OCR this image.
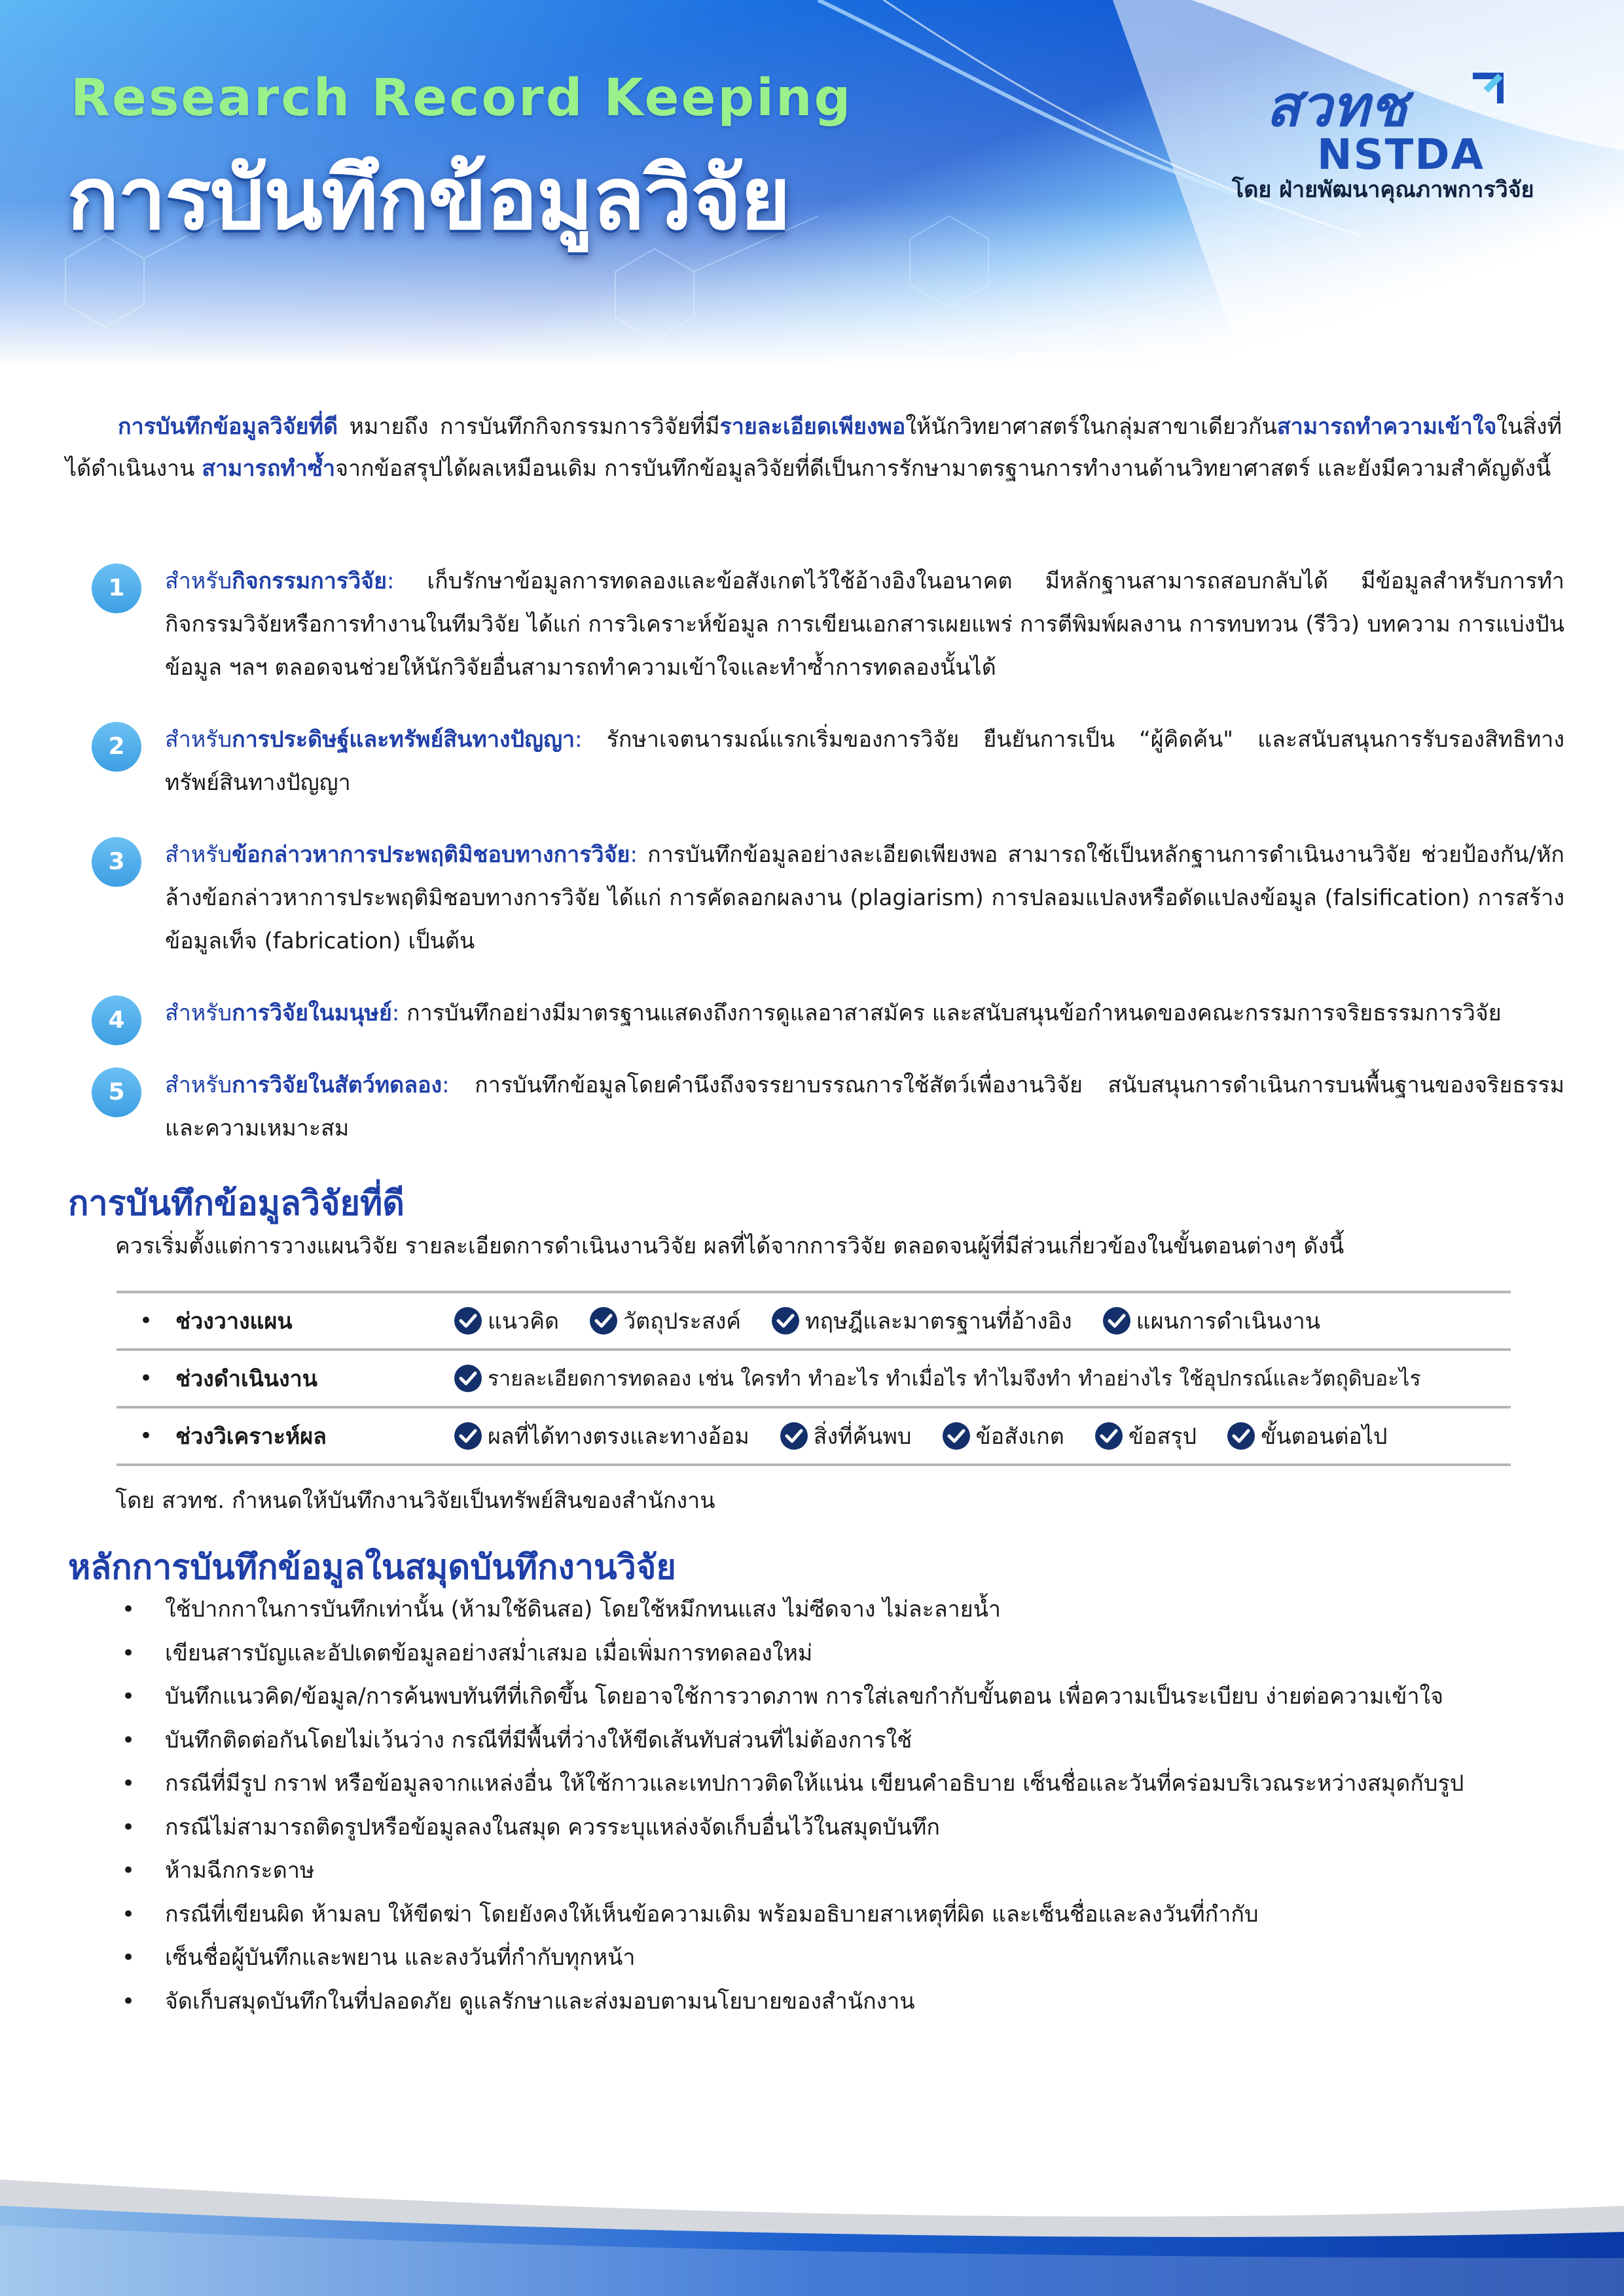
Research Record Keeping
การบันทึกข้อมูลวิจัย
สวทช
NSTDA
โดย ฝ่ายพัฒนาคุณภาพการวิจัย

การบันทึกข้อมูลวิจัยที่ดี หมายถึง การบันทึกกิจกรรมการวิจัยที่มีรายละเอียดเพียงพอให้นักวิทยาศาสตร์ในกลุ่มสาขาเดียวกันสามารถทำความเข้าใจในสิ่งที่ได้ดำเนินงาน สามารถทำซ้ำจากข้อสรุปได้ผลเหมือนเดิม การบันทึกข้อมูลวิจัยที่ดีเป็นการรักษามาตรฐานการทำงานด้านวิทยาศาสตร์ และยังมีความสำคัญดังนี้

1	สำหรับกิจกรรมการวิจัย: เก็บรักษาข้อมูลการทดลองและข้อสังเกตไว้ใช้อ้างอิงในอนาคต มีหลักฐานสามารถสอบกลับได้ มีข้อมูลสำหรับการทำกิจกรรมวิจัยหรือการทำงานในทีมวิจัย ได้แก่ การวิเคราะห์ข้อมูล การเขียนเอกสารเผยแพร่ การตีพิมพ์ผลงาน การทบทวน (รีวิว) บทความ การแบ่งปันข้อมูล ฯลฯ ตลอดจนช่วยให้นักวิจัยอื่นสามารถทำความเข้าใจและทำซ้ำการทดลองนั้นได้
2	สำหรับการประดิษฐ์และทรัพย์สินทางปัญญา: รักษาเจตนารมณ์แรกเริ่มของการวิจัย ยืนยันการเป็น “ผู้คิดค้น" และสนับสนุนการรับรองสิทธิทางทรัพย์สินทางปัญญา
3	สำหรับข้อกล่าวหาการประพฤติมิชอบทางการวิจัย: การบันทึกข้อมูลอย่างละเอียดเพียงพอ สามารถใช้เป็นหลักฐานการดำเนินงานวิจัย ช่วยป้องกัน/หักล้างข้อกล่าวหาการประพฤติมิชอบทางการวิจัย ได้แก่ การคัดลอกผลงาน (plagiarism) การปลอมแปลงหรือดัดแปลงข้อมูล (falsification) การสร้างข้อมูลเท็จ (fabrication) เป็นต้น
4	สำหรับการวิจัยในมนุษย์: การบันทึกอย่างมีมาตรฐานแสดงถึงการดูแลอาสาสมัคร และสนับสนุนข้อกำหนดของคณะกรรมการจริยธรรมการวิจัย
5	สำหรับการวิจัยในสัตว์ทดลอง: การบันทึกข้อมูลโดยคำนึงถึงจรรยาบรรณการใช้สัตว์เพื่องานวิจัย สนับสนุนการดำเนินการบนพื้นฐานของจริยธรรมและความเหมาะสม
การบันทึกข้อมูลวิจัยที่ดี
ควรเริ่มตั้งแต่การวางแผนวิจัย รายละเอียดการดำเนินงานวิจัย ผลที่ได้จากการวิจัย ตลอดจนผู้ที่มีส่วนเกี่ยวข้องในขั้นตอนต่างๆ ดังนี้
•	ช่วงวางแผน	แนวคิด	วัตถุประสงค์	ทฤษฎีและมาตรฐานที่อ้างอิง	แผนการดำเนินงาน
•	ช่วงดำเนินงาน	รายละเอียดการทดลอง เช่น ใครทำ ทำอะไร ทำเมื่อไร ทำไมจึงทำ ทำอย่างไร ใช้อุปกรณ์และวัตถุดิบอะไร
•	ช่วงวิเคราะห์ผล	ผลที่ได้ทางตรงและทางอ้อม	สิ่งที่ค้นพบ	ข้อสังเกต	ข้อสรุป	ขั้นตอนต่อไป
โดย สวทช. กำหนดให้บันทึกงานวิจัยเป็นทรัพย์สินของสำนักงาน
หลักการบันทึกข้อมูลในสมุดบันทึกงานวิจัย
• ใช้ปากกาในการบันทึกเท่านั้น (ห้ามใช้ดินสอ) โดยใช้หมึกทนแสง ไม่ซีดจาง ไม่ละลายน้ำ
• เขียนสารบัญและอัปเดตข้อมูลอย่างสม่ำเสมอ เมื่อเพิ่มการทดลองใหม่
• บันทึกแนวคิด/ข้อมูล/การค้นพบทันทีที่เกิดขึ้น โดยอาจใช้การวาดภาพ การใส่เลขกำกับขั้นตอน เพื่อความเป็นระเบียบ ง่ายต่อความเข้าใจ
• บันทึกติดต่อกันโดยไม่เว้นว่าง กรณีที่มีพื้นที่ว่างให้ขีดเส้นทับส่วนที่ไม่ต้องการใช้
• กรณีที่มีรูป กราฟ หรือข้อมูลจากแหล่งอื่น ให้ใช้กาวและเทปกาวติดให้แน่น เขียนคำอธิบาย เซ็นชื่อและวันที่คร่อมบริเวณระหว่างสมุดกับรูป
• กรณีไม่สามารถติดรูปหรือข้อมูลลงในสมุด ควรระบุแหล่งจัดเก็บอื่นไว้ในสมุดบันทึก
• ห้ามฉีกกระดาษ
• กรณีที่เขียนผิด ห้ามลบ ให้ขีดฆ่า โดยยังคงให้เห็นข้อความเดิม พร้อมอธิบายสาเหตุที่ผิด และเซ็นชื่อและลงวันที่กำกับ
• เซ็นชื่อผู้บันทึกและพยาน และลงวันที่กำกับทุกหน้า
• จัดเก็บสมุดบันทึกในที่ปลอดภัย ดูแลรักษาและส่งมอบตามนโยบายของสำนักงาน
